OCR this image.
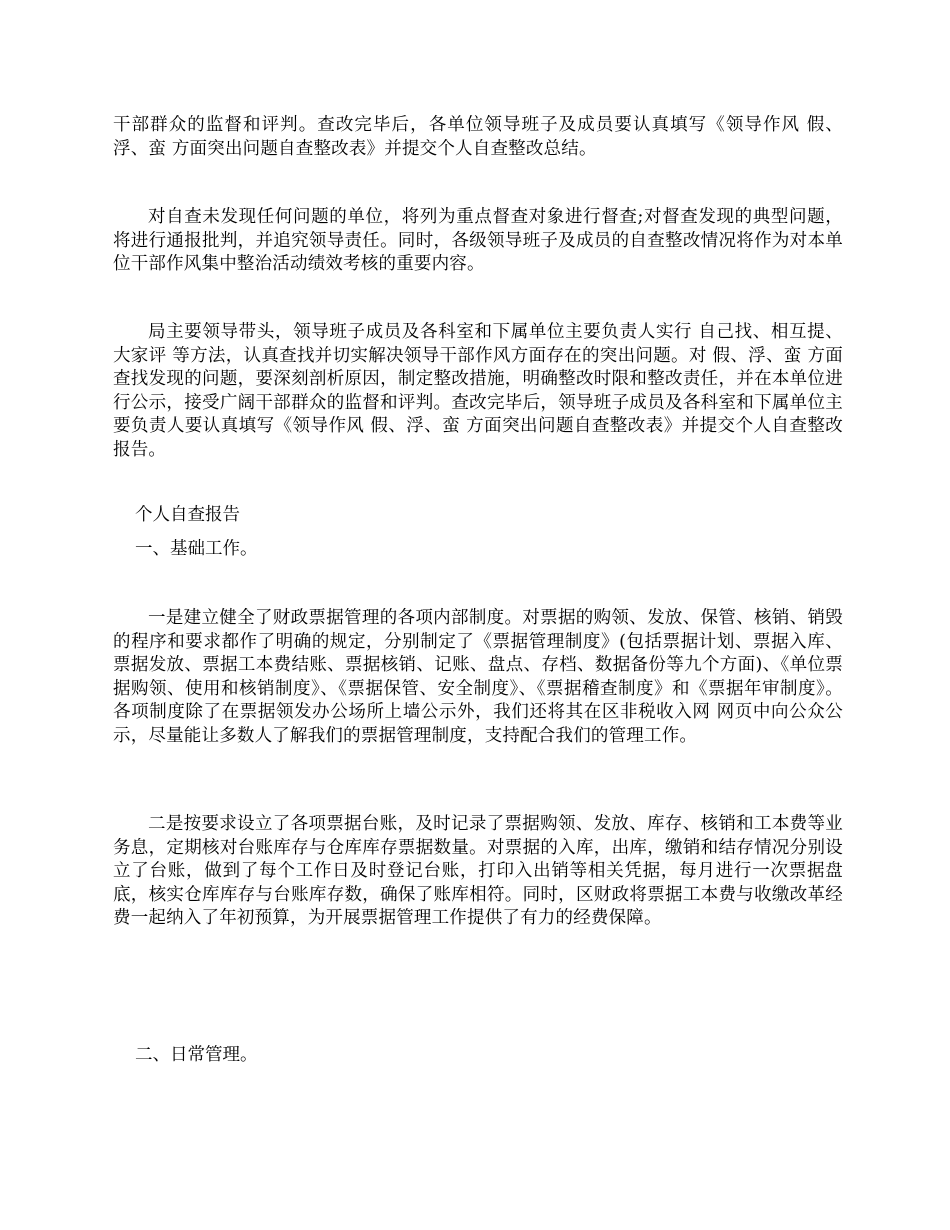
干部群众的监督和评判。查改完毕后，各单位领导班子及成员要认真填写《领导作风 假、浮、蛮 方面突出问题自查整改表》并提交个人自查整改总结。

对自查未发现任何问题的单位，将列为重点督查对象进行督查;对督查发现的典型问题，将进行通报批判，并追究领导责任。同时，各级领导班子及成员的自查整改情况将作为对本单位干部作风集中整治活动绩效考核的重要内容。

局主要领导带头，领导班子成员及各科室和下属单位主要负责人实行 自己找、相互提、大家评 等方法，认真查找并切实解决领导干部作风方面存在的突出问题。对 假、浮、蛮 方面查找发现的问题，要深刻剖析原因，制定整改措施，明确整改时限和整改责任，并在本单位进行公示，接受广阔干部群众的监督和评判。查改完毕后，领导班子成员及各科室和下属单位主要负责人要认真填写《领导作风 假、浮、蛮 方面突出问题自查整改表》并提交个人自查整改报告。

个人自查报告

一、基础工作。

一是建立健全了财政票据管理的各项内部制度。对票据的购领、发放、保管、核销、销毁的程序和要求都作了明确的规定，分别制定了《票据管理制度》(包括票据计划、票据入库、票据发放、票据工本费结账、票据核销、记账、盘点、存档、数据备份等九个方面)、《单位票据购领、使用和核销制度》、《票据保管、安全制度》、《票据稽查制度》和《票据年审制度》。各项制度除了在票据领发办公场所上墙公示外，我们还将其在区非税收入网 网页中向公众公示，尽量能让多数人了解我们的票据管理制度，支持配合我们的管理工作。

二是按要求设立了各项票据台账，及时记录了票据购领、发放、库存、核销和工本费等业务息，定期核对台账库存与仓库库存票据数量。对票据的入库，出库，缴销和结存情况分别设立了台账，做到了每个工作日及时登记台账，打印入出销等相关凭据，每月进行一次票据盘底，核实仓库库存与台账库存数，确保了账库相符。同时，区财政将票据工本费与收缴改革经费一起纳入了年初预算，为开展票据管理工作提供了有力的经费保障。

二、日常管理。
